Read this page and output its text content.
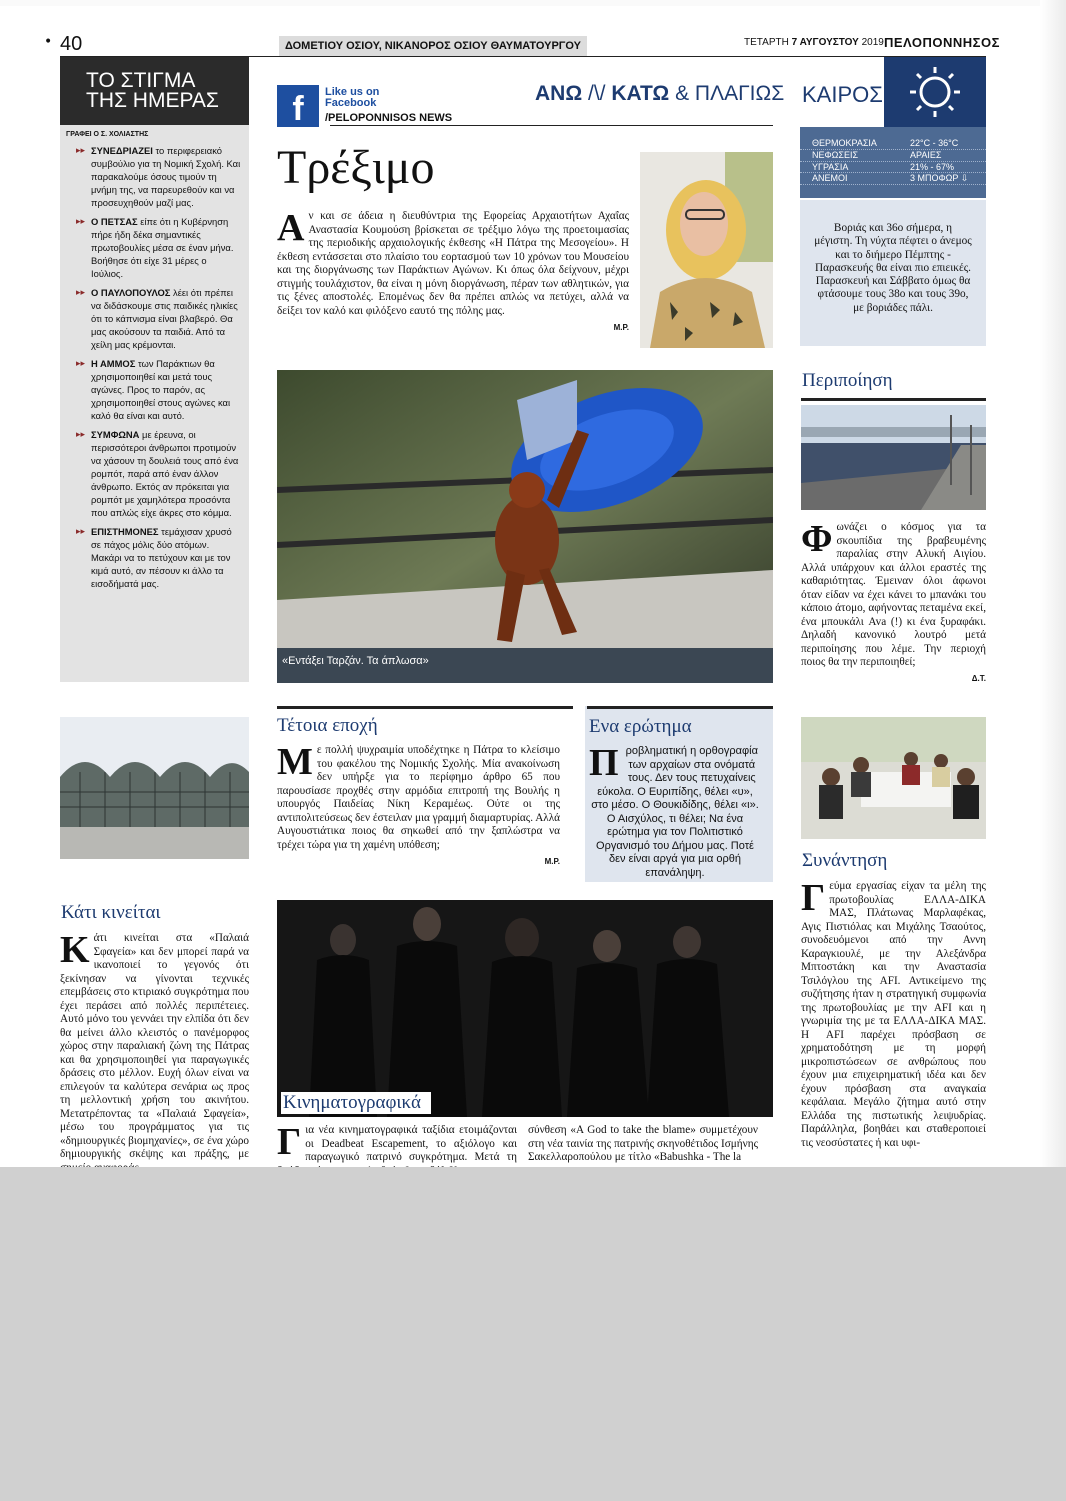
• 40	ΔΟΜΕΤΙΟΥ ΟΣΙΟΥ, ΝΙΚΑΝΟΡΟΣ ΟΣΙΟΥ ΘΑΥΜΑΤΟΥΡΓΟΥ	ΤΕΤΑΡΤΗ 7 ΑΥΓΟΥΣΤΟΥ 2019 ΠΕΛΟΠΟΝΝΗΣΟΣ
ΤΟ ΣΤΙΓΜΑ
ΤΗΣ ΗΜΕΡΑΣ
ΓΡΑΦΕΙ Ο Σ. ΧΟΛΙΑΣΤΗΣ
▸▸ ΣΥΝΕΔΡΙΑΖΕΙ το περιφερειακό συμβούλιο για τη Νομική Σχολή. Και παρακαλούμε όσους τιμούν τη μνήμη της, να παρευρεθούν και να προσευχηθούν μαζί μας.
▸▸ Ο ΠΕΤΣΑΣ είπε ότι η Κυβέρνηση πήρε ήδη δέκα σημαντικές πρωτοβουλίες μέσα σε έναν μήνα. Βοήθησε ότι είχε 31 μέρες ο Ιούλιος.
▸▸ Ο ΠΑΥΛΟΠΟΥΛΟΣ λέει ότι πρέπει να διδάσκουμε στις παιδικές ηλικίες ότι το κάπνισμα είναι βλαβερό. Θα μας ακούσουν τα παιδιά. Από τα χείλη μας κρέμονται.
▸▸ Η ΑΜΜΟΣ των Παράκτιων θα χρησιμοποιηθεί και μετά τους αγώνες. Προς το παρόν, ας χρησιμοποιηθεί στους αγώνες και καλό θα είναι και αυτό.
▸▸ ΣΥΜΦΩΝΑ με έρευνα, οι περισσότεροι άνθρωποι προτιμούν να χάσουν τη δουλειά τους από ένα ρομπότ, παρά από έναν άλλον άνθρωπο. Εκτός αν πρόκειται για ρομπότ με χαμηλότερα προσόντα που απλώς είχε άκρες στο κόμμα.
▸▸ ΕΠΙΣΤΗΜΟΝΕΣ τεμάχισαν χρυσό σε πάχος μόλις δύο ατόμων. Μακάρι να το πετύχουν και με τον κιμά αυτό, αν πέσουν κι άλλο τα εισοδήματά μας.
f	Like us on
Facebook
/PELOPONNISOS NEWS
ΑΝΩ /\/ ΚΑΤΩ & ΠΛΑΓΙΩΣ
Τρέξιμο
Αν και σε άδεια η διευθύντρια της Εφορείας Αρχαιοτήτων Αχαΐας Αναστασία Κουμούση βρίσκεται σε τρέξιμο λόγω της προετοιμασίας της περιοδικής αρχαιολογικής έκθεσης «Η Πάτρα της Μεσογείου». Η έκθεση εντάσσεται στο πλαίσιο του εορτασμού των 10 χρόνων του Μουσείου και της διοργάνωσης των Παράκτιων Αγώνων. Κι όπως όλα δείχνουν, μέχρι στιγμής τουλάχιστον, θα είναι η μόνη διοργάνωση, πέραν των αθλητικών, για τις ξένες αποστολές. Επομένως δεν θα πρέπει απλώς να πετύχει, αλλά να δείξει τον καλό και φιλόξενο εαυτό της πόλης μας.
Μ.Ρ.
ΚΑΙΡΟΣ
ΘΕΡΜΟΚΡΑΣΙΑ	22°C - 36°C
ΝΕΦΩΣΕΙΣ	ΑΡΑΙΕΣ
ΥΓΡΑΣΙΑ	21% - 67%
ΑΝΕΜΟΙ	3 ΜΠΟΦΩΡ ⇩
Βοριάς και 36ο σήμερα, η μέγιστη. Τη νύχτα πέφτει ο άνεμος και το διήμερο Πέμπτης - Παρασκευής θα είναι πιο επιεικές. Παρασκευή και Σάββατο όμως θα φτάσουμε τους 38ο και τους 39ο, με βοριάδες πάλι.
Περιποίηση
Φωνάζει ο κόσμος για τα σκουπίδια της βραβευμένης παραλίας στην Αλυκή Αιγίου. Αλλά υπάρχουν και άλλοι εραστές της καθαριότητας. Έμειναν όλοι άφωνοι όταν είδαν να έχει κάνει το μπανάκι του κάποιο άτομο, αφήνοντας πεταμένα εκεί, ένα μπουκάλι Ava (!) κι ένα ξυραφάκι. Δηλαδή κανονικό λουτρό μετά περιποίησης που λέμε. Την περιοχή ποιος θα την περιποιηθεί;
Δ.Τ.
«Εντάξει Ταρζάν. Τα άπλωσα»
Τέτοια εποχή
Με πολλή ψυχραιμία υποδέχτηκε η Πάτρα το κλείσιμο του φακέλου της Νομικής Σχολής. Μία ανακοίνωση δεν υπήρξε για το περίφημο άρθρο 65 που παρουσίασε προχθές στην αρμόδια επιτροπή της Βουλής η υπουργός Παιδείας Νίκη Κεραμέως. Ούτε οι της αντιπολιτεύσεως δεν έστειλαν μια γραμμή διαμαρτυρίας. Αλλά Αυγουστιάτικα ποιος θα σηκωθεί από την ξαπλώστρα να τρέχει τώρα για τη χαμένη υπόθεση;
Μ.Ρ.
Ενα ερώτημα
Προβληματική η ορθογραφία των αρχαίων στα ονόματά τους. Δεν τους πετυχαίνεις εύκολα. Ο Ευριπίδης, θέλει «υ», στο μέσο. Ο Θουκιδίδης, θέλει «ι». Ο Αισχύλος, τι θέλει; Να ένα ερώτημα για τον Πολιτιστικό Οργανισμό του Δήμου μας. Ποτέ δεν είναι αργά για μια ορθή επανάληψη.
Κάτι κινείται
Κάτι κινείται στα «Παλαιά Σφαγεία» και δεν μπορεί παρά να ικανοποιεί το γεγονός ότι ξεκίνησαν να γίνονται τεχνικές επεμβάσεις στο κτιριακό συγκρότημα που έχει περάσει από πολλές περιπέτειες. Αυτό μόνο του γεννάει την ελπίδα ότι δεν θα μείνει άλλο κλειστός ο πανέμορφος χώρος στην παραλιακή ζώνη της Πάτρας και θα χρησιμοποιηθεί για παραγωγικές δράσεις στο μέλλον. Ευχή όλων είναι να επιλεγούν τα καλύτερα σενάρια ως προς τη μελλοντική χρήση του ακινήτου. Μετατρέποντας τα «Παλαιά Σφαγεία», μέσω του προγράμματος για τις «δημιουργικές βιομηχανίες», σε ένα χώρο δημιουργικής σκέψης και πράξης, με
Κινηματογραφικά
Για νέα κινηματογραφικά ταξίδια ετοιμάζονται οι Deadbeat Escapement, το αξιόλογο και παραγωγικό πατρινό συγκρότημα. Μετά τη
σύνθεση «A God to take the blame» συμμετέχουν στη νέα ταινία της πατρινής σκηνοθέτιδος Ισμήνης Σακελλαροπούλου με τίτλο «Babushka - The la
Συνάντηση
Γεύμα εργασίας είχαν τα μέλη της πρωτοβουλίας ΕΛΛΑ-ΔΙΚΑ ΜΑΣ, Πλάτωνας Μαρλαφέκας, Αγις Πιστιόλας και Μιχάλης Τσαούτος, συνοδευόμενοι από την Αννη Καραγκιουλέ, με την Αλεξάνδρα Μπτοστάκη και την Αναστασία Τσιλόγλου της AFI. Αντικείμενο της συζήτησης ήταν η στρατηγική συμφωνία της πρωτοβουλίας με την AFI και η γνωριμία της με τα ΕΛΛΑ-ΔΙΚΑ ΜΑΣ. Η AFI παρέχει πρόσβαση σε χρηματοδότηση με τη μορφή μικροπιστώσεων σε ανθρώπους που έχουν μια επιχειρηματική ιδέα και δεν έχουν πρόσβαση στα αναγκαία κεφάλαια. Μεγάλο ζήτημα αυτό στην Ελλάδα της πιστωτικής λειψυδρίας. Παράλληλα, βοηθάει και σταθεροποιεί τις νεοσύστατες ή και υφι-
